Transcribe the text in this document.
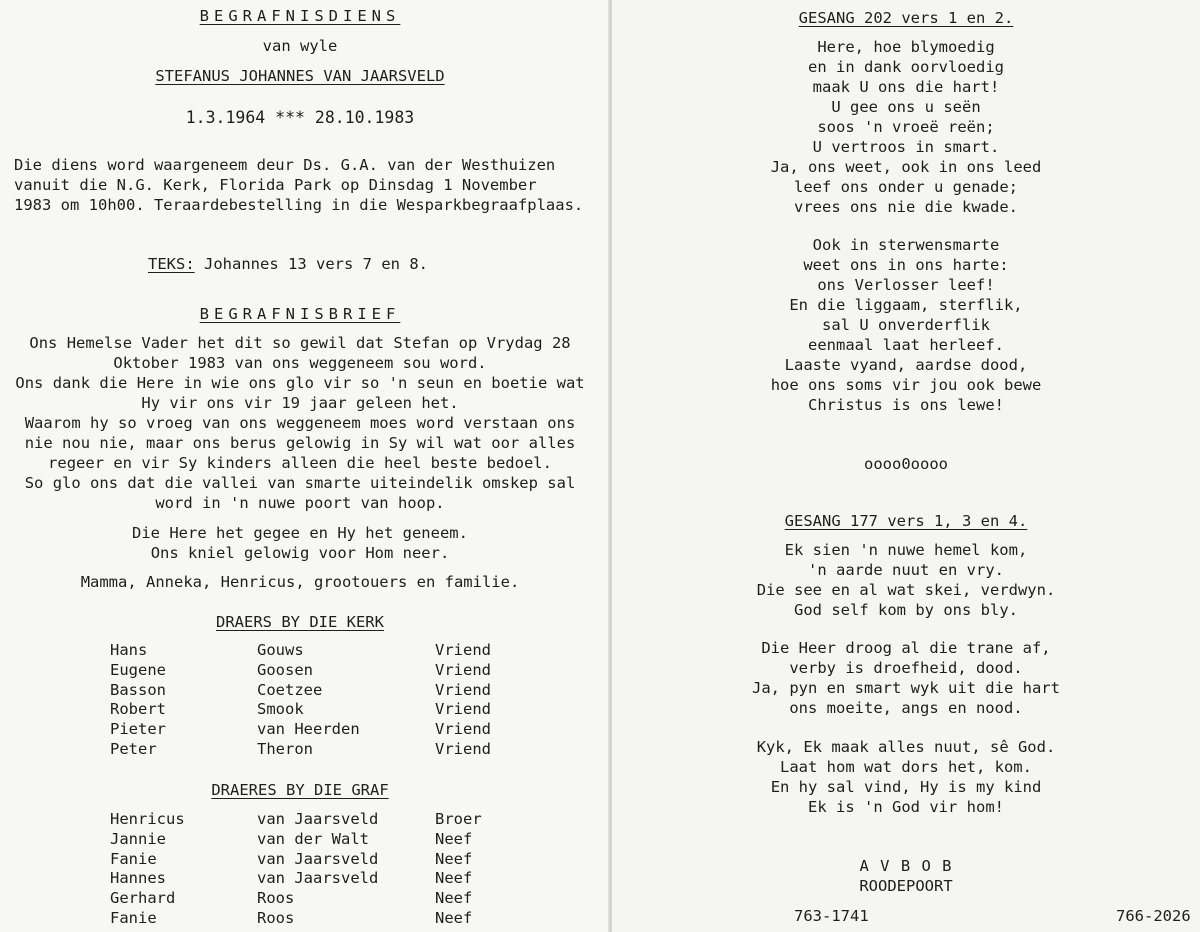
BEGRAFNISDIENS
van wyle
STEFANUS JOHANNES VAN JAARSVELD
1.3.1964 *** 28.10.1983
Die diens word waargeneem deur Ds. G.A. van der Westhuizen
vanuit die N.G. Kerk, Florida Park op Dinsdag 1 November
1983 om 10h00. Teraardebestelling in die Wesparkbegraafplaas.
TEKS: Johannes 13 vers 7 en 8.
BEGRAFNISBRIEF
Ons Hemelse Vader het dit so gewil dat Stefan op Vrydag 28
Oktober 1983 van ons weggeneem sou word.
Ons dank die Here in wie ons glo vir so 'n seun en boetie wat
Hy vir ons vir 19 jaar geleen het.
Waarom hy so vroeg van ons weggeneem moes word verstaan ons
nie nou nie, maar ons berus gelowig in Sy wil wat oor alles
regeer en vir Sy kinders alleen die heel beste bedoel.
So glo ons dat die vallei van smarte uiteindelik omskep sal
word in 'n nuwe poort van hoop.
Die Here het gegee en Hy het geneem.
Ons kniel gelowig voor Hom neer.
Mamma, Anneka, Henricus, grootouers en familie.
DRAERS BY DIE KERK
Hans	Gouws	Vriend
Eugene	Goosen	Vriend
Basson	Coetzee	Vriend
Robert	Smook	Vriend
Pieter	van Heerden	Vriend
Peter	Theron	Vriend
DRAERES BY DIE GRAF
Henricus	van Jaarsveld	Broer
Jannie	van der Walt	Neef
Fanie	van Jaarsveld	Neef
Hannes	van Jaarsveld	Neef
Gerhard	Roos	Neef
Fanie	Roos	Neef
GESANG 202 vers 1 en 2.
Here, hoe blymoedig
en in dank oorvloedig
maak U ons die hart!
U gee ons u seën
soos 'n vroeë reën;
U vertroos in smart.
Ja, ons weet, ook in ons leed
leef ons onder u genade;
vrees ons nie die kwade.
Ook in sterwensmarte
weet ons in ons harte:
ons Verlosser leef!
En die liggaam, sterflik,
sal U onverderflik
eenmaal laat herleef.
Laaste vyand, aardse dood,
hoe ons soms vir jou ook bewe
Christus is ons lewe!
oooo0oooo
GESANG 177 vers 1, 3 en 4.
Ek sien 'n nuwe hemel kom,
'n aarde nuut en vry.
Die see en al wat skei, verdwyn.
God self kom by ons bly.
Die Heer droog al die trane af,
verby is droefheid, dood.
Ja, pyn en smart wyk uit die hart
ons moeite, angs en nood.
Kyk, Ek maak alles nuut, sê God.
Laat hom wat dors het, kom.
En hy sal vind, Hy is my kind
Ek is 'n God vir hom!
A V B O B
ROODEPOORT
763-1741	766-2026
